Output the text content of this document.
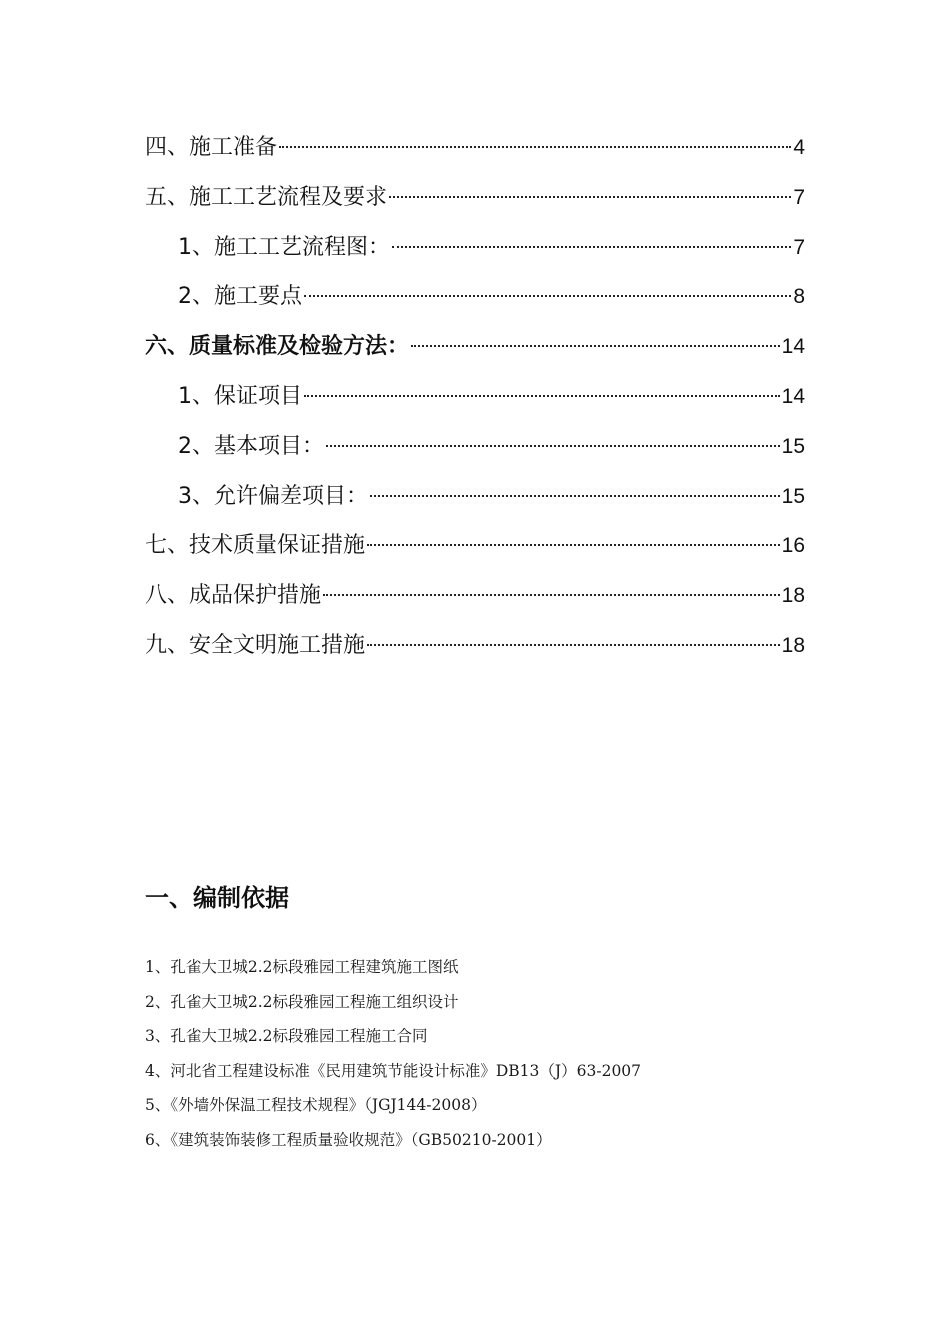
四、施工准备	4
五、施工工艺流程及要求	7
1、施工工艺流程图：	7
2、施工要点	8
六、质量标准及检验方法：	14
1、保证项目	14
2、基本项目：	15
3、允许偏差项目：	15
七、技术质量保证措施	16
八、成品保护措施	18
九、安全文明施工措施	18
一、编制依据
1、孔雀大卫城2.2标段雅园工程建筑施工图纸
2、孔雀大卫城2.2标段雅园工程施工组织设计
3、孔雀大卫城2.2标段雅园工程施工合同
4、河北省工程建设标准《民用建筑节能设计标准》DB13（J）63-2007
5、《外墙外保温工程技术规程》（JGJ144-2008）
6、《建筑装饰装修工程质量验收规范》（GB50210-2001）
